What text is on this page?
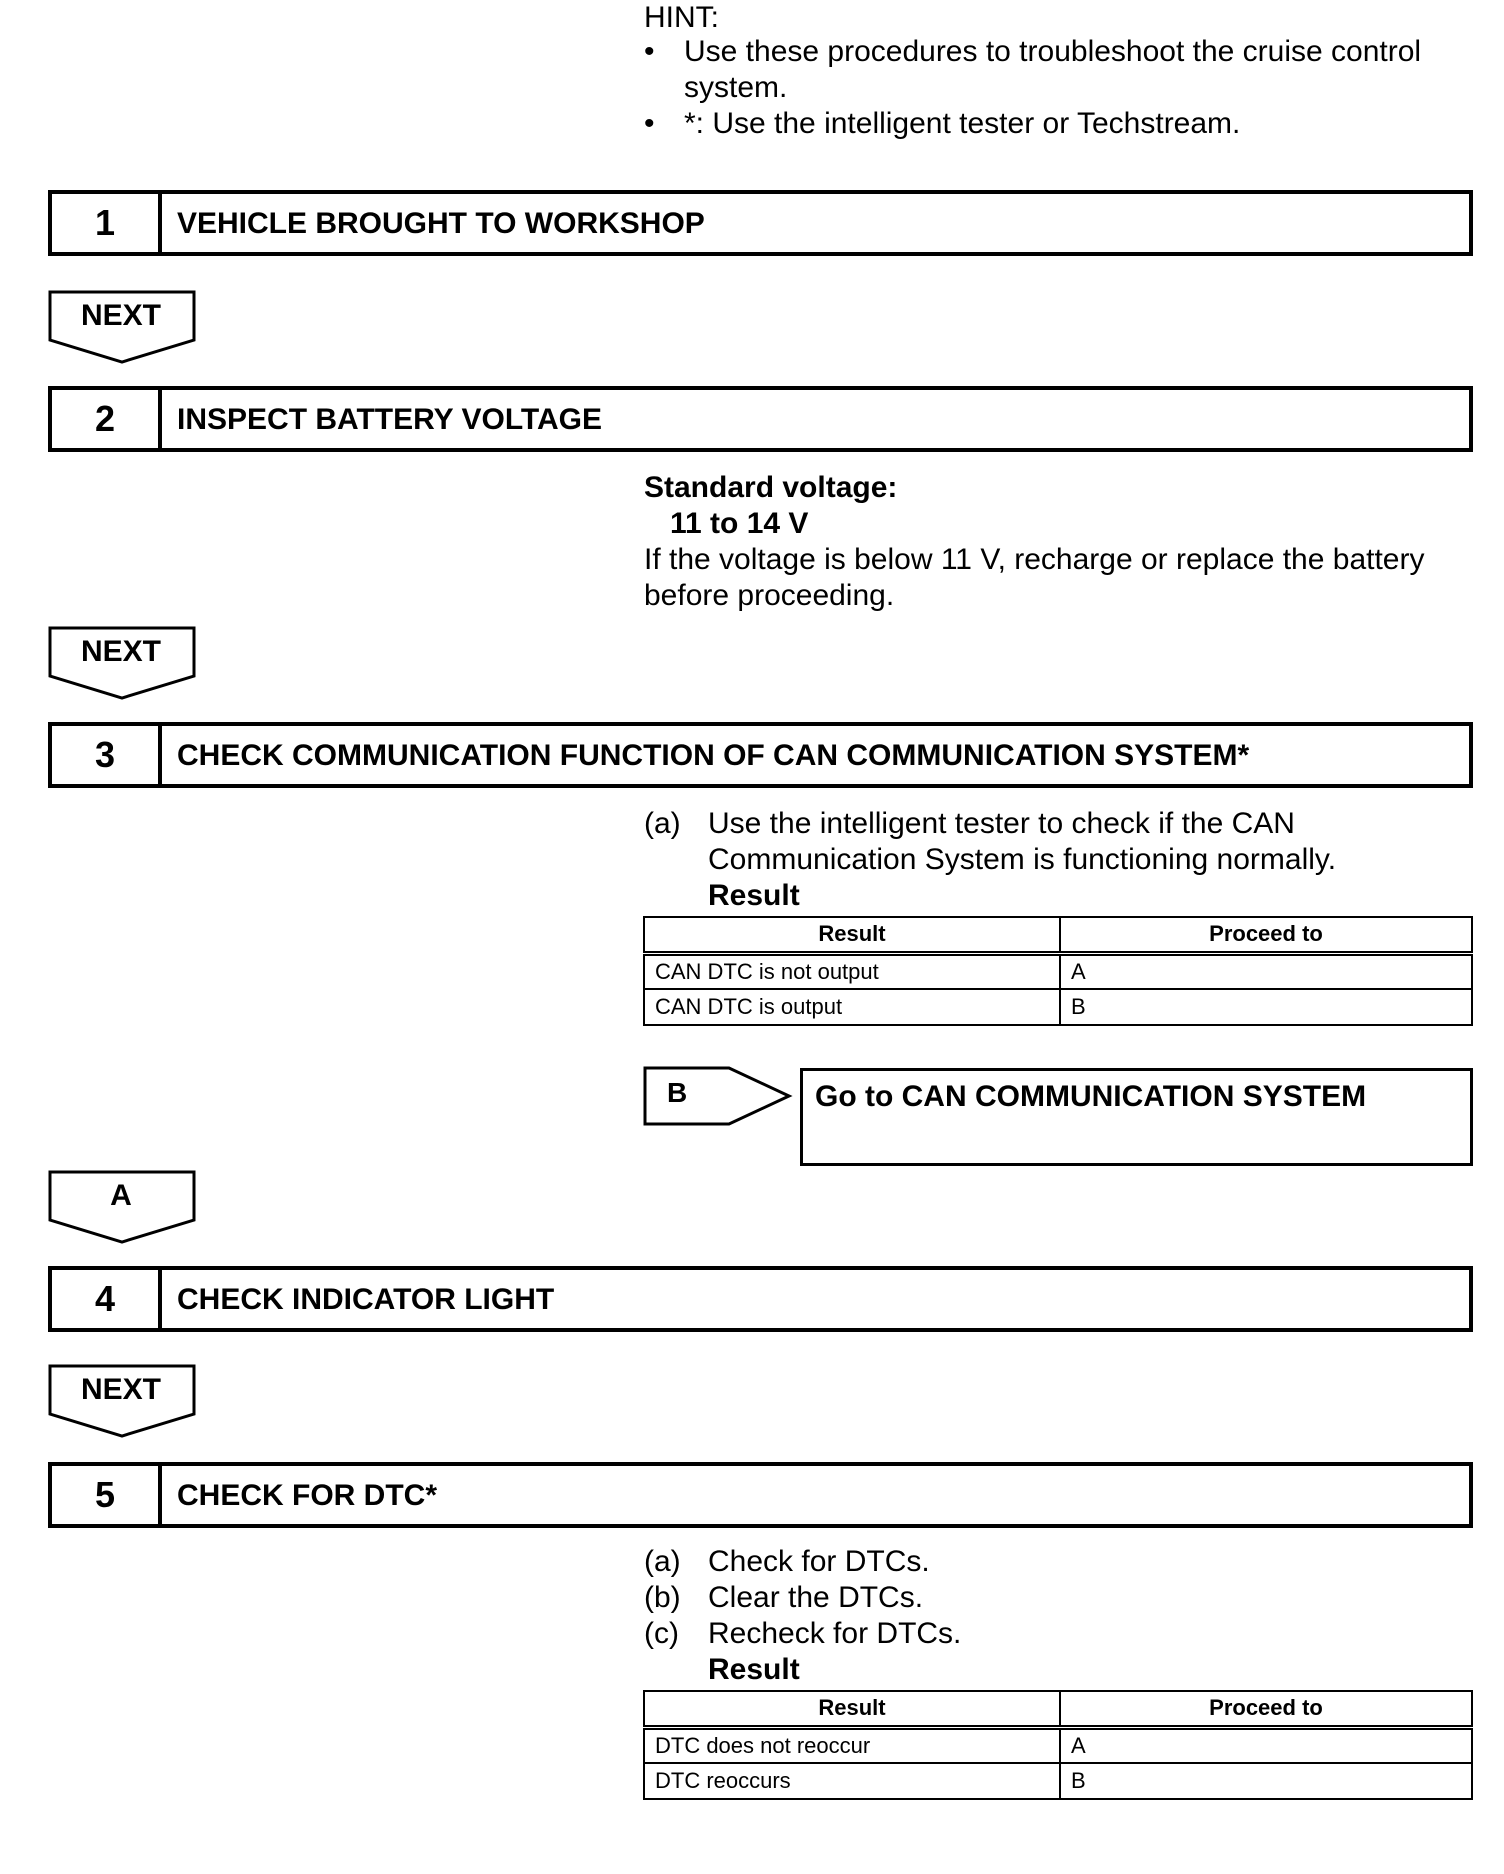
HINT:
• Use these procedures to troubleshoot the cruise control system.
• *: Use the intelligent tester or Techstream.
1	VEHICLE BROUGHT TO WORKSHOP
NEXT
2	INSPECT BATTERY VOLTAGE
Standard voltage:
11 to 14 V
If the voltage is below 11 V, recharge or replace the battery before proceeding.
NEXT
3	CHECK COMMUNICATION FUNCTION OF CAN COMMUNICATION SYSTEM*
(a) Use the intelligent tester to check if the CAN Communication System is functioning normally.
Result
Result	Proceed to
CAN DTC is not output	A
CAN DTC is output	B
B	Go to CAN COMMUNICATION SYSTEM
A
4	CHECK INDICATOR LIGHT
NEXT
5	CHECK FOR DTC*
(a) Check for DTCs.
(b) Clear the DTCs.
(c) Recheck for DTCs.
Result
Result	Proceed to
DTC does not reoccur	A
DTC reoccurs	B
